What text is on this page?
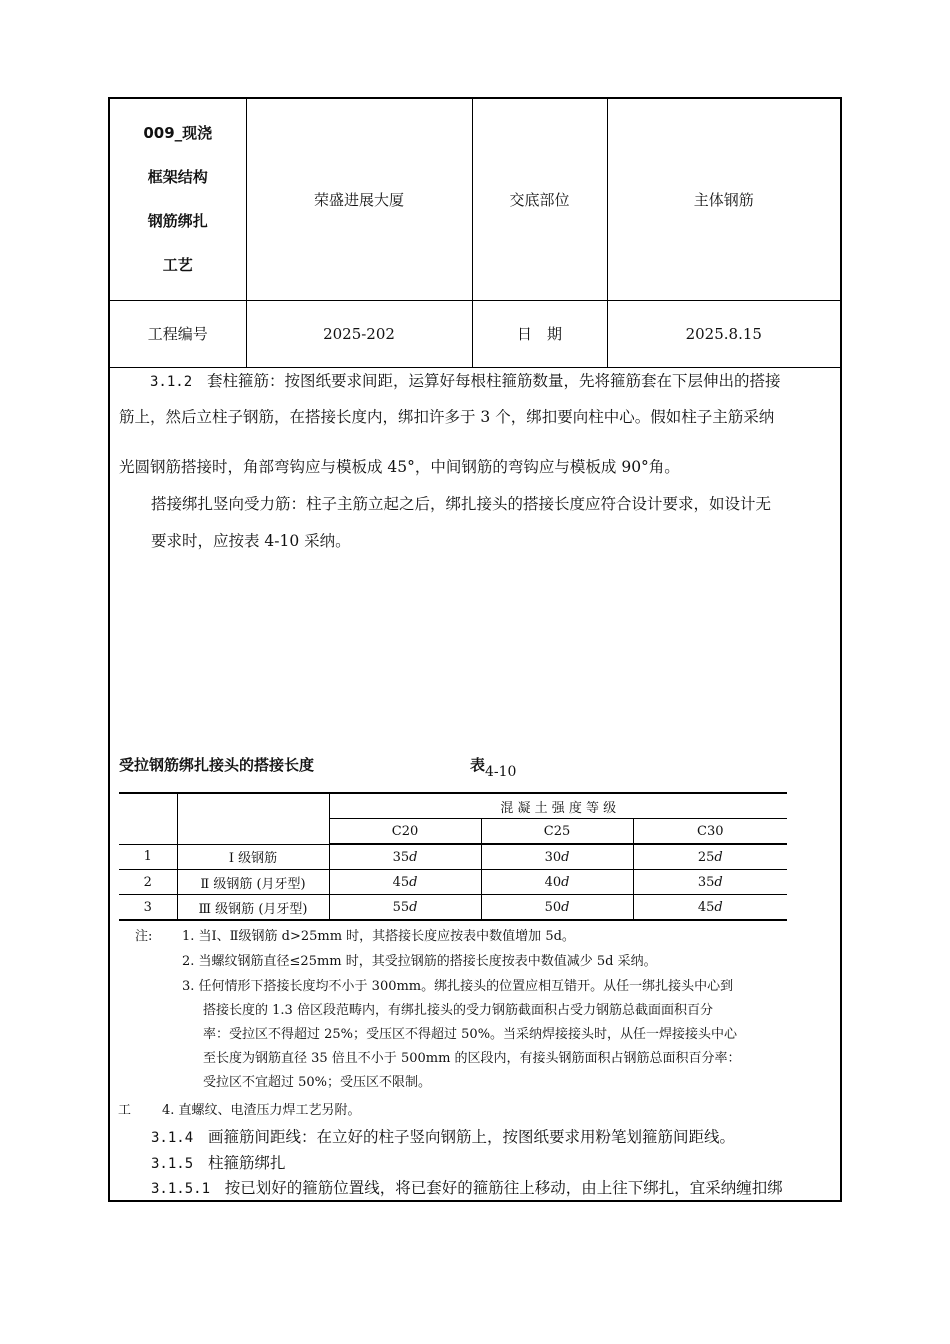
009_现浇
框架结构
钢筋绑扎
工艺	荣盛进展大厦	交底部位	主体钢筋
工程编号	2025-202	日　期	2025.8.15

3.1.2 套柱箍筋：按图纸要求间距，运算好每根柱箍筋数量，先将箍筋套在下层伸出的搭接

筋上，然后立柱子钢筋，在搭接长度内，绑扣许多于 3 个，绑扣要向柱中心。假如柱子主筋采纳

光圆钢筋搭接时，角部弯钩应与模板成 45°，中间钢筋的弯钩应与模板成 90°角。

搭接绑扎竖向受力筋：柱子主筋立起之后，绑扎接头的搭接长度应符合设计要求，如设计无

要求时，应按表 4-10 采纳。

受拉钢筋绑扎接头的搭接长度	表4-10
		混 凝 土 强 度 等 级		
		C20	C25	C30
1	Ⅰ 级钢筋	35d	30d	25d
2	Ⅱ 级钢筋 (月牙型)	45d	40d	35d
3	Ⅲ 级钢筋 (月牙型)	55d	50d	45d
注: 1. 当Ⅰ、Ⅱ级钢筋 d>25mm 时，其搭接长度应按表中数值增加 5d。
2. 当螺纹钢筋直径≤25mm 时，其受拉钢筋的搭接长度按表中数值减少 5d 采纳。
3. 任何情形下搭接长度均不小于 300mm。绑扎接头的位置应相互错开。从任一绑扎接头中心到
搭接长度的 1.3 倍区段范畴内，有绑扎接头的受力钢筋截面积占受力钢筋总截面面积百分
率：受拉区不得超过 25%；受压区不得超过 50%。当采纳焊接接头时，从任一焊接接头中心
至长度为钢筋直径 35 倍且不小于 500mm 的区段内，有接头钢筋面积占钢筋总面积百分率：
受拉区不宜超过 50%；受压区不限制。
工 4. 直螺纹、电渣压力焊工艺另附。

3.1.4 画箍筋间距线：在立好的柱子竖向钢筋上，按图纸要求用粉笔划箍筋间距线。

3.1.5 柱箍筋绑扎

3.1.5.1 按已划好的箍筋位置线，将已套好的箍筋往上移动，由上往下绑扎，宜采纳缠扣绑
